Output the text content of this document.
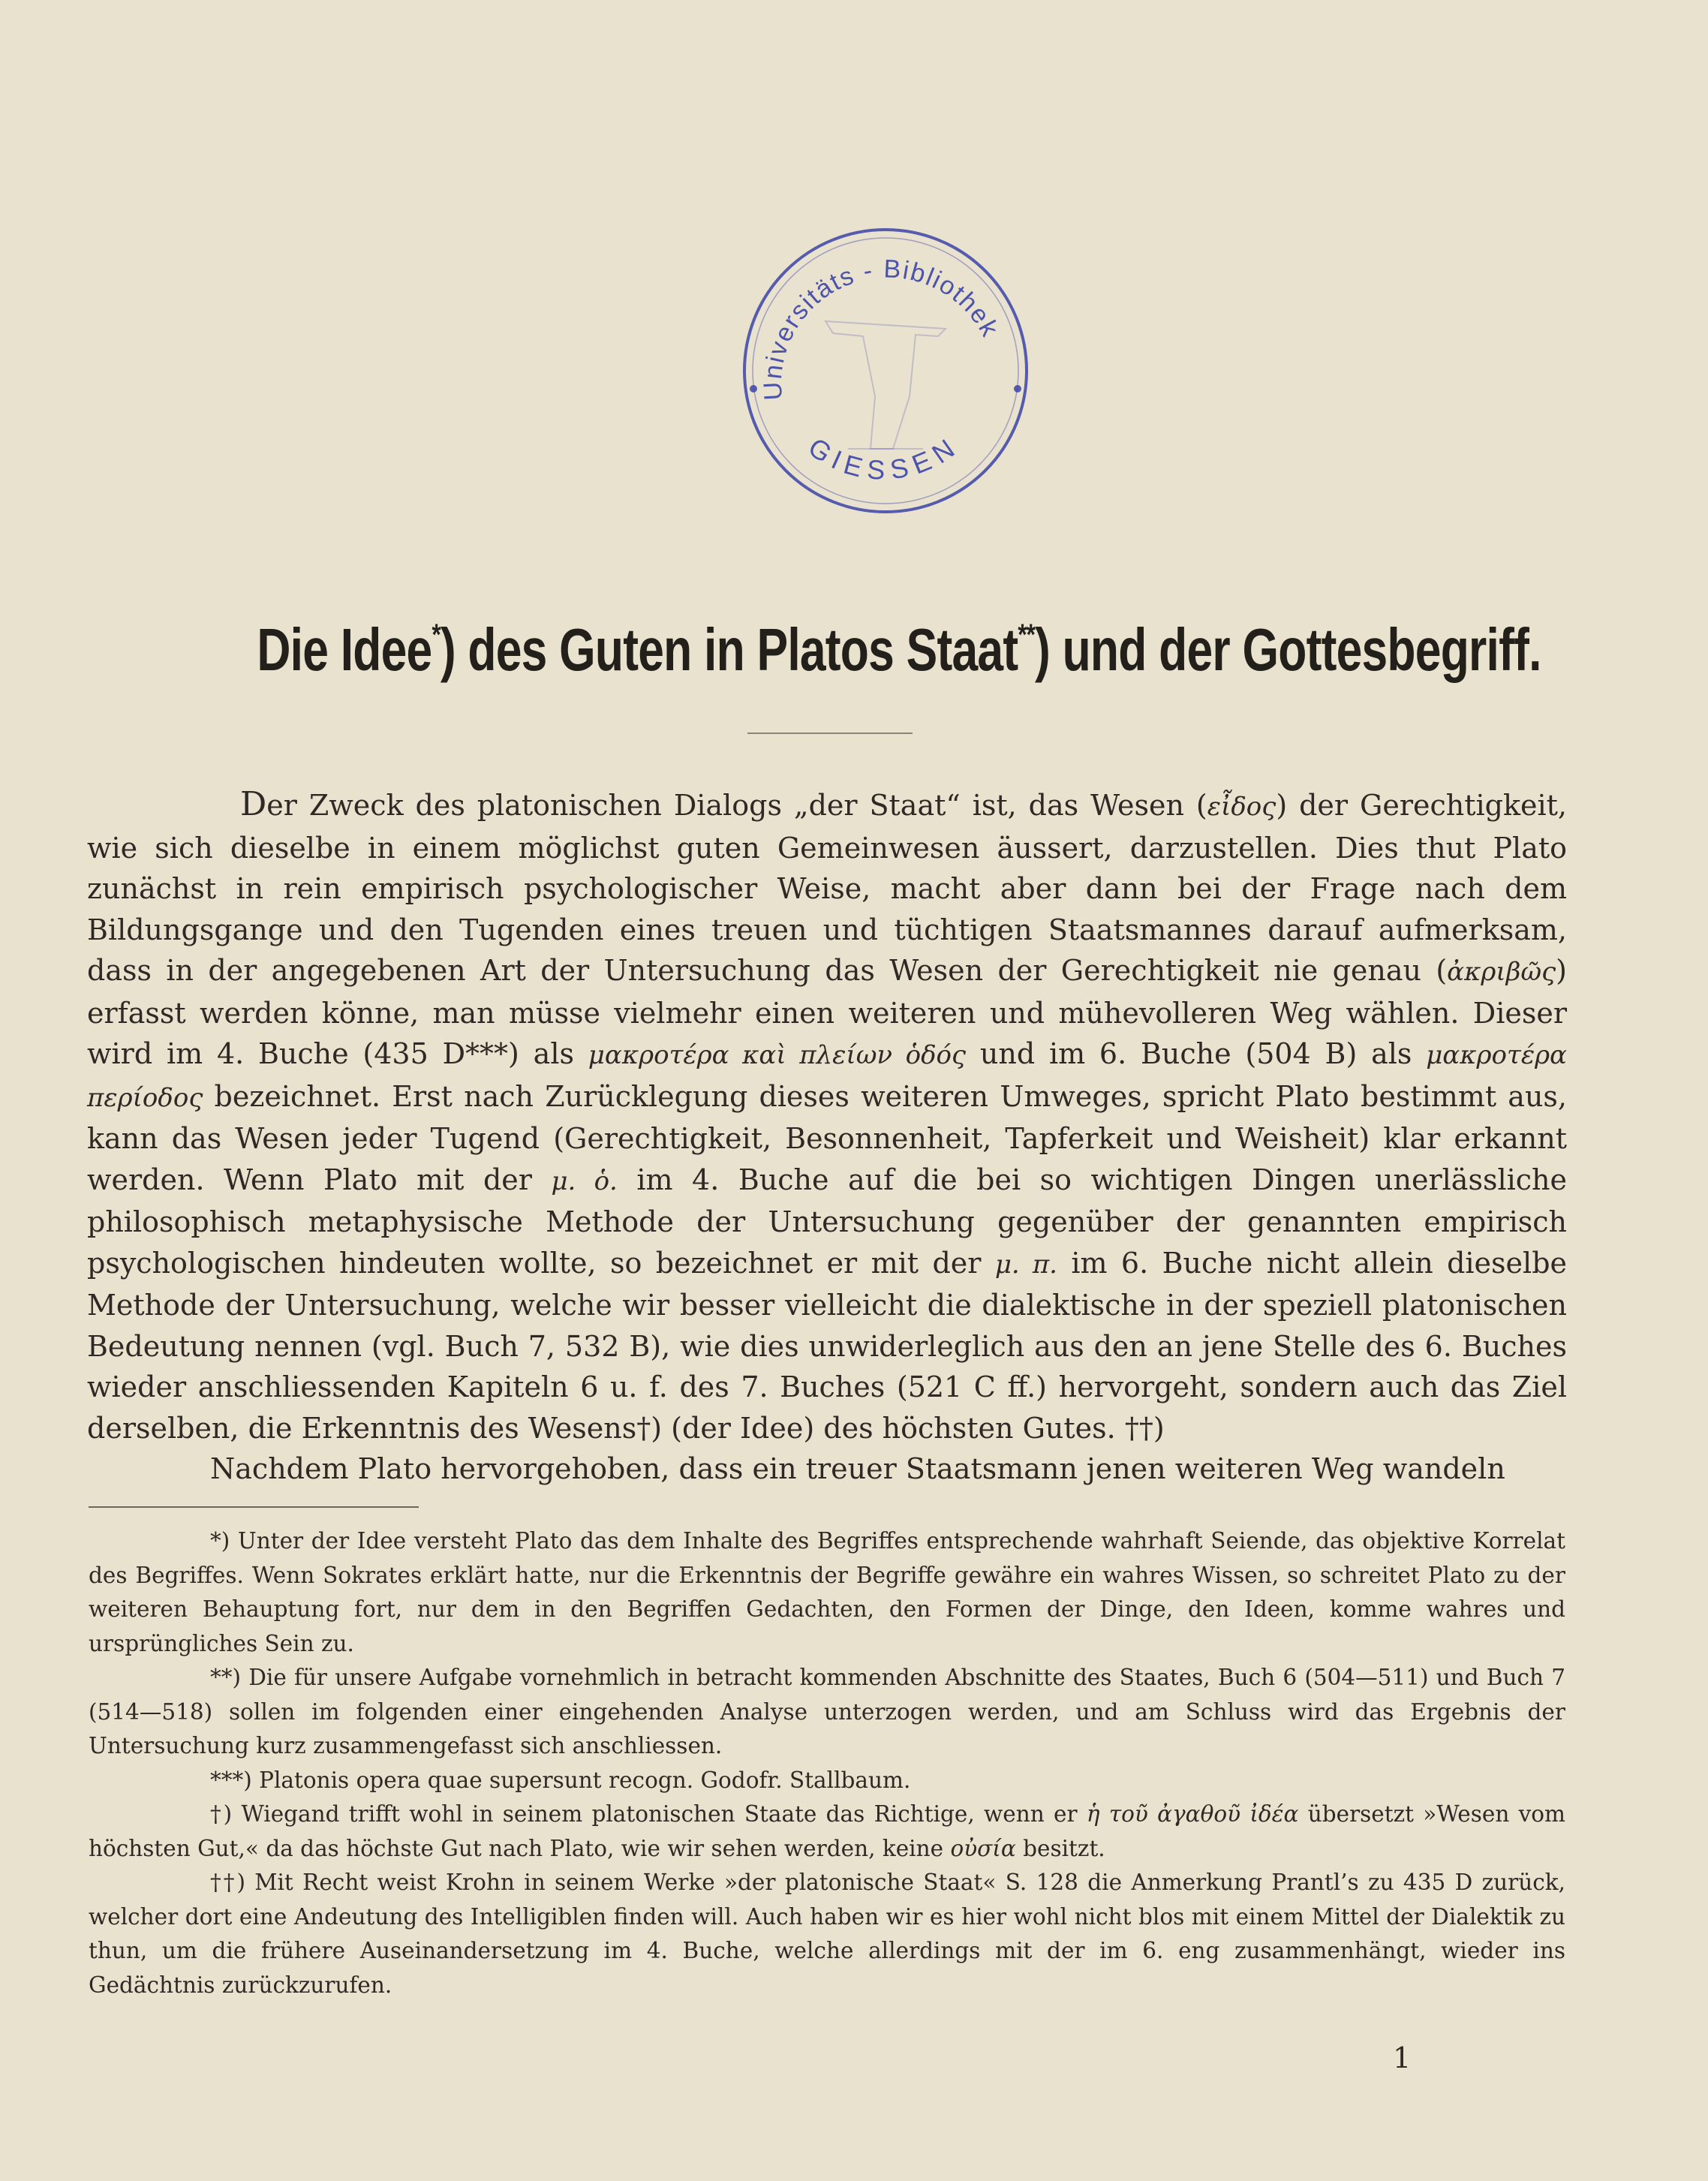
Universitäts - Bibliothek
GIESSEN
Die Idee*) des Guten in Platos Staat**) und der Gottesbegriff.

Der Zweck des platonischen Dialogs „der Staat“ ist, das Wesen (εἶδος) der Gerechtigkeit, wie sich dieselbe in einem möglichst guten Gemeinwesen äussert, darzustellen. Dies thut Plato zunächst in rein empirisch psychologischer Weise, macht aber dann bei der Frage nach dem Bildungsgange und den Tugenden eines treuen und tüchtigen Staatsmannes darauf aufmerksam, dass in der angegebenen Art der Untersuchung das Wesen der Gerechtigkeit nie genau (ἀκριβῶς) erfasst werden könne, man müsse vielmehr einen weiteren und mühevolleren Weg wählen. Dieser wird im 4. Buche (435 D***) als μακροτέρα καὶ πλείων ὁδός und im 6. Buche (504 B) als μακροτέρα περίοδος bezeichnet. Erst nach Zurücklegung dieses weiteren Umweges, spricht Plato bestimmt aus, kann das Wesen jeder Tugend (Gerechtigkeit, Besonnenheit, Tapferkeit und Weisheit) klar erkannt werden. Wenn Plato mit der μ. ὁ. im 4. Buche auf die bei so wichtigen Dingen unerlässliche philosophisch metaphysische Methode der Untersuchung gegenüber der genannten empirisch psychologischen hindeuten wollte, so bezeichnet er mit der μ. π. im 6. Buche nicht allein dieselbe Methode der Untersuchung, welche wir besser vielleicht die dialektische in der speziell platonischen Bedeutung nennen (vgl. Buch 7, 532 B), wie dies unwiderleglich aus den an jene Stelle des 6. Buches wieder anschliessenden Kapiteln 6 u. f. des 7. Buches (521 C ff.) hervorgeht, sondern auch das Ziel derselben, die Erkenntnis des Wesens†) (der Idee) des höchsten Gutes. ††)

Nachdem Plato hervorgehoben, dass ein treuer Staatsmann jenen weiteren Weg wandeln

*) Unter der Idee versteht Plato das dem Inhalte des Begriffes entsprechende wahrhaft Seiende, das objektive Korrelat des Begriffes. Wenn Sokrates erklärt hatte, nur die Erkenntnis der Begriffe gewähre ein wahres Wissen, so schreitet Plato zu der weiteren Behauptung fort, nur dem in den Begriffen Gedachten, den Formen der Dinge, den Ideen, komme wahres und ursprüngliches Sein zu.

**) Die für unsere Aufgabe vornehmlich in betracht kommenden Abschnitte des Staates, Buch 6 (504—511) und Buch 7 (514—518) sollen im folgenden einer eingehenden Analyse unterzogen werden, und am Schluss wird das Ergebnis der Untersuchung kurz zusammengefasst sich anschliessen.

***) Platonis opera quae supersunt recogn. Godofr. Stallbaum.

†) Wiegand trifft wohl in seinem platonischen Staate das Richtige, wenn er ἡ τοῦ ἀγαθοῦ ἰδέα übersetzt »Wesen vom höchsten Gut,« da das höchste Gut nach Plato, wie wir sehen werden, keine οὐσία besitzt.

††) Mit Recht weist Krohn in seinem Werke »der platonische Staat« S. 128 die Anmerkung Prantl’s zu 435 D zurück, welcher dort eine Andeutung des Intelligiblen finden will. Auch haben wir es hier wohl nicht blos mit einem Mittel der Dialektik zu thun, um die frühere Auseinandersetzung im 4. Buche, welche allerdings mit der im 6. eng zusammenhängt, wieder ins Gedächtnis zurückzurufen.

1
